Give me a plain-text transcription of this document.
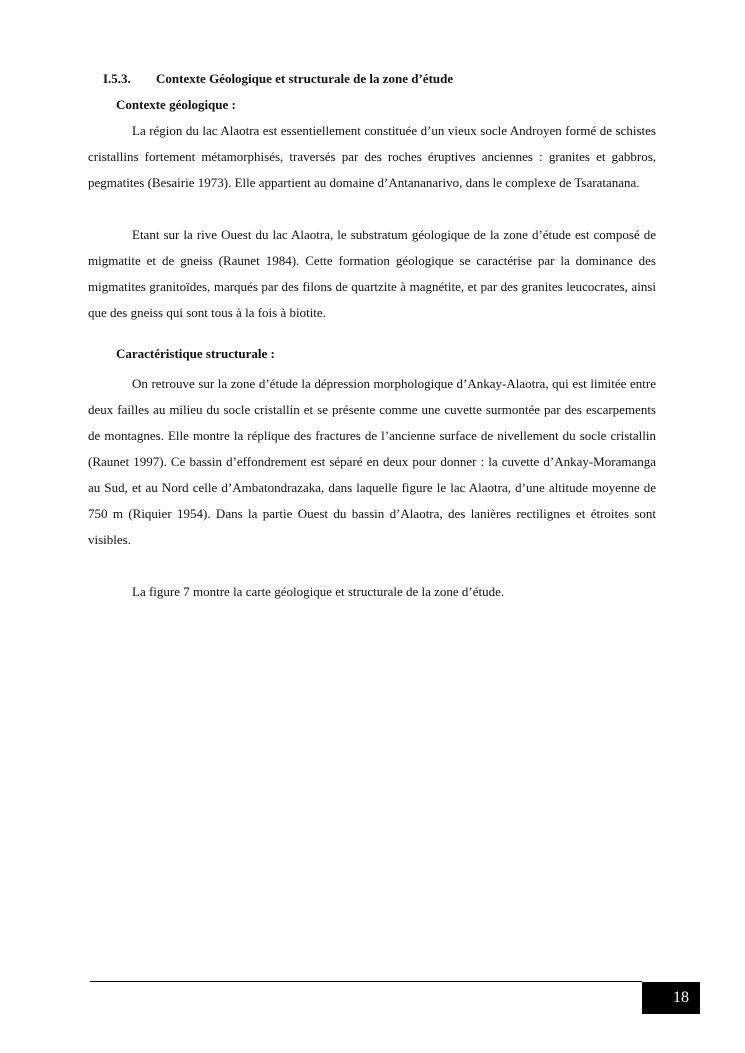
I.5.3. Contexte Géologique et structurale de la zone d’étude
Contexte géologique :

La région du lac Alaotra est essentiellement constituée d’un vieux socle Androyen formé de schistes cristallins fortement métamorphisés, traversés par des roches éruptives anciennes : granites et gabbros, pegmatites (Besairie 1973). Elle appartient au domaine d’Antananarivo, dans le complexe de Tsaratanana.

Etant sur la rive Ouest du lac Alaotra, le substratum géologique de la zone d’étude est composé de migmatite et de gneiss (Raunet 1984). Cette formation géologique se caractérise par la dominance des migmatites granitoïdes, marqués par des filons de quartzite à magnétite, et par des granites leucocrates, ainsi que des gneiss qui sont tous à la fois à biotite.

Caractéristique structurale :

On retrouve sur la zone d’étude la dépression morphologique d’Ankay-Alaotra, qui est limitée entre deux failles au milieu du socle cristallin et se présente comme une cuvette surmontée par des escarpements de montagnes. Elle montre la réplique des fractures de l’ancienne surface de nivellement du socle cristallin (Raunet 1997). Ce bassin d’effondrement est séparé en deux pour donner : la cuvette d’Ankay-Moramanga au Sud, et au Nord celle d’Ambatondrazaka, dans laquelle figure le lac Alaotra, d’une altitude moyenne de 750 m (Riquier 1954). Dans la partie Ouest du bassin d’Alaotra, des lanières rectilignes et étroites sont visibles.

La figure 7 montre la carte géologique et structurale de la zone d’étude.

18
